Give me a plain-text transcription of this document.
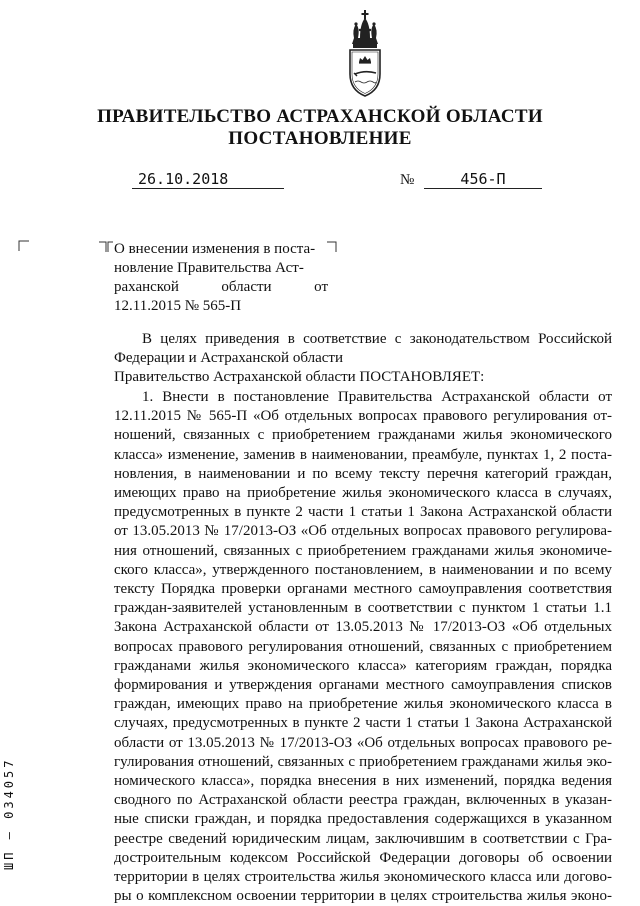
ПРАВИТЕЛЬСТВО АСТРАХАНСКОЙ ОБЛАСТИ
ПОСТАНОВЛЕНИЕ
26.10.2018	№	456-П
О внесении изменения в поста-
новление Правительства Аст-
раханской области от
12.11.2015 № 565-П
В целях приведения в соответствие с законодательством Российской
Федерации и Астраханской области
Правительство Астраханской области ПОСТАНОВЛЯЕТ:
1. Внести в постановление Правительства Астраханской области от
12.11.2015 № 565-П «Об отдельных вопросах правового регулирования от-
ношений, связанных с приобретением гражданами жилья экономического
класса» изменение, заменив в наименовании, преамбуле, пунктах 1, 2 поста-
новления, в наименовании и по всему тексту перечня категорий граждан,
имеющих право на приобретение жилья экономического класса в случаях,
предусмотренных в пункте 2 части 1 статьи 1 Закона Астраханской области
от 13.05.2013 № 17/2013-ОЗ «Об отдельных вопросах правового регулирова-
ния отношений, связанных с приобретением гражданами жилья экономиче-
ского класса», утвержденного постановлением, в наименовании и по всему
тексту Порядка проверки органами местного самоуправления соответствия
граждан-заявителей установленным в соответствии с пунктом 1 статьи 1.1
Закона Астраханской области от 13.05.2013 № 17/2013-ОЗ «Об отдельных
вопросах правового регулирования отношений, связанных с приобретением
гражданами жилья экономического класса» категориям граждан, порядка
формирования и утверждения органами местного самоуправления списков
граждан, имеющих право на приобретение жилья экономического класса в
случаях, предусмотренных в пункте 2 части 1 статьи 1 Закона Астраханской
области от 13.05.2013 № 17/2013-ОЗ «Об отдельных вопросах правового ре-
гулирования отношений, связанных с приобретением гражданами жилья эко-
номического класса», порядка внесения в них изменений, порядка ведения
сводного по Астраханской области реестра граждан, включенных в указан-
ные списки граждан, и порядка предоставления содержащихся в указанном
реестре сведений юридическим лицам, заключившим в соответствии с Гра-
достроительным кодексом Российской Федерации договоры об освоении
территории в целях строительства жилья экономического класса или догово-
ры о комплексном освоении территории в целях строительства жилья эконо-
ШП – 034057
